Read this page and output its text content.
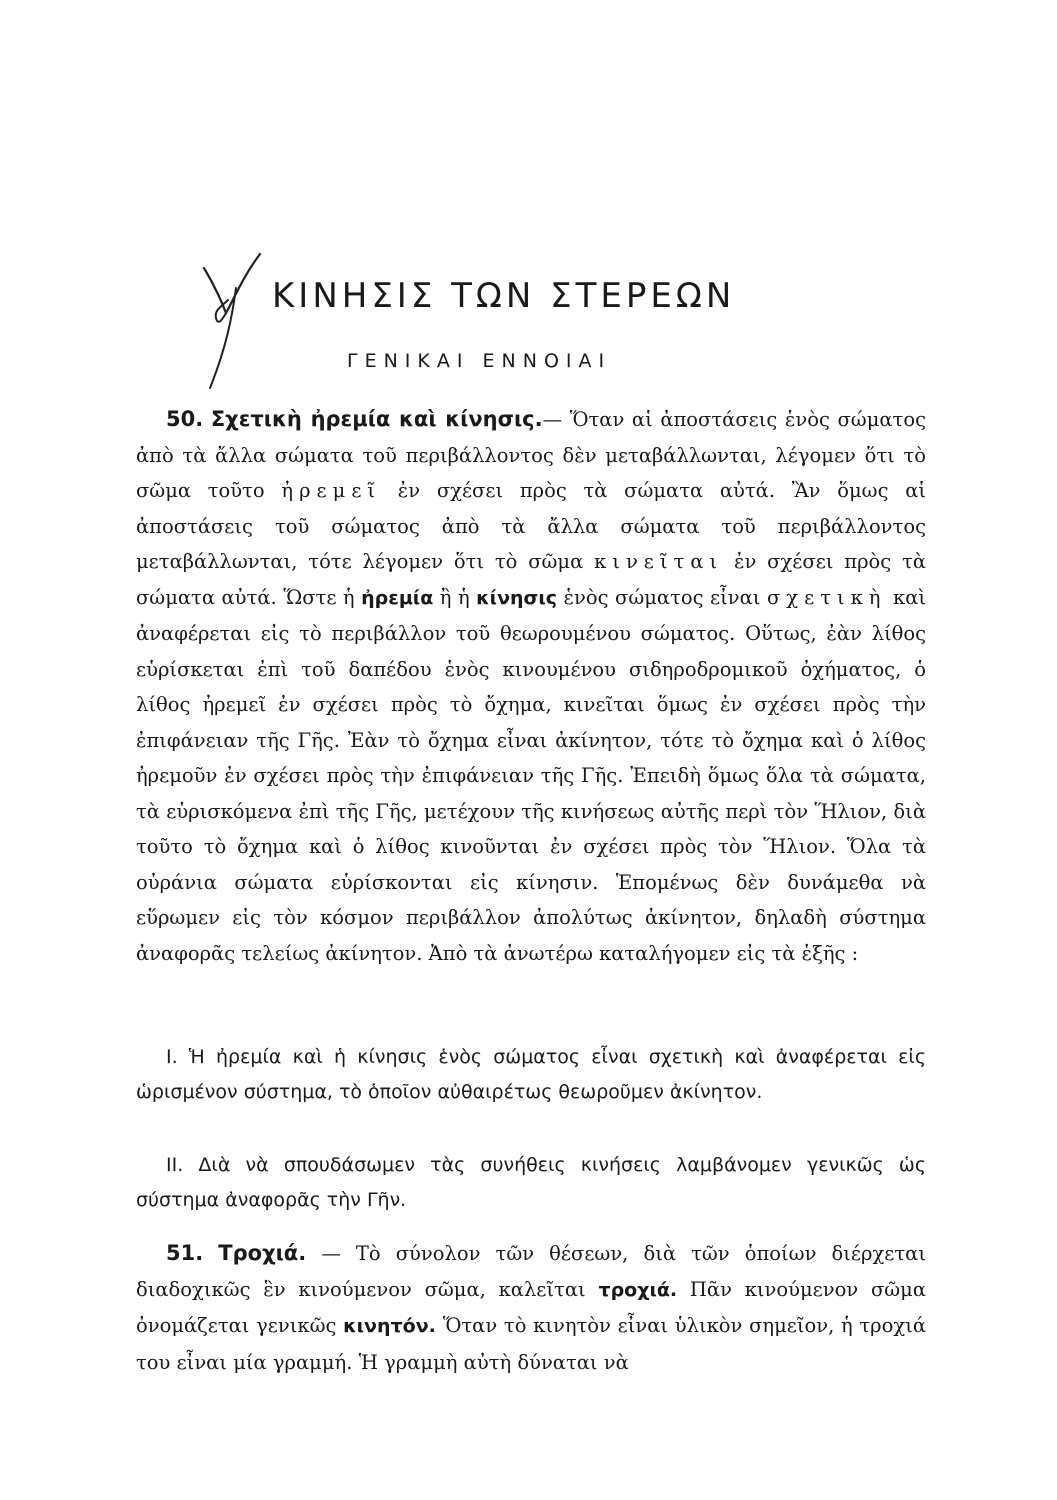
ΚΙΝΗΣΙΣ ΤΩΝ ΣΤΕΡΕΩΝ
ΓΕΝΙΚΑΙ ΕΝΝΟΙΑΙ

50. Σχετικὴ ἠρεμία καὶ κίνησις.— Ὅταν αἱ ἀποστάσεις ἑνὸς σώματος ἀπὸ τὰ ἄλλα σώματα τοῦ περιβάλλοντος δὲν μεταβάλλωνται, λέγομεν ὅτι τὸ σῶμα τοῦτο ἠρεμεῖ ἐν σχέσει πρὸς τὰ σώματα αὐτά. Ἂν ὅμως αἱ ἀποστάσεις τοῦ σώματος ἀπὸ τὰ ἄλλα σώματα τοῦ περιβάλλοντος μεταβάλλωνται, τότε λέγομεν ὅτι τὸ σῶμα κινεῖται ἐν σχέσει πρὸς τὰ σώματα αὐτά. Ὥστε ἡ ἠρεμία ἢ ἡ κίνησις ἑνὸς σώματος εἶναι σχετικὴ καὶ ἀναφέρεται εἰς τὸ περιβάλλον τοῦ θεωρουμένου σώματος. Οὕτως, ἐὰν λίθος εὑρίσκεται ἐπὶ τοῦ δαπέδου ἑνὸς κινουμένου σιδηροδρομικοῦ ὀχήματος, ὁ λίθος ἠρεμεῖ ἐν σχέσει πρὸς τὸ ὄχημα, κινεῖται ὅμως ἐν σχέσει πρὸς τὴν ἐπιφάνειαν τῆς Γῆς. Ἐὰν τὸ ὄχημα εἶναι ἀκίνητον, τότε τὸ ὄχημα καὶ ὁ λίθος ἠρεμοῦν ἐν σχέσει πρὸς τὴν ἐπιφάνειαν τῆς Γῆς. Ἐπειδὴ ὅμως ὅλα τὰ σώματα, τὰ εὑρισκόμενα ἐπὶ τῆς Γῆς, μετέχουν τῆς κινήσεως αὐτῆς περὶ τὸν Ἥλιον, διὰ τοῦτο τὸ ὄχημα καὶ ὁ λίθος κινοῦνται ἐν σχέσει πρὸς τὸν Ἥλιον. Ὅλα τὰ οὐράνια σώματα εὑρίσκονται εἰς κίνησιν. Ἑπομένως δὲν δυνάμεθα νὰ εὕρωμεν εἰς τὸν κόσμον περιβάλλον ἀπολύτως ἀκίνητον, δηλαδὴ σύστημα ἀναφορᾶς τελείως ἀκίνητον. Ἀπὸ τὰ ἀνωτέρω καταλήγομεν εἰς τὰ ἑξῆς :

Ι. Ἡ ἠρεμία καὶ ἡ κίνησις ἑνὸς σώματος εἶναι σχετικὴ καὶ ἀναφέρεται εἰς ὡρισμένον σύστημα, τὸ ὁποῖον αὐθαιρέτως θεωροῦμεν ἀκίνητον.

ΙΙ. Διὰ νὰ σπουδάσωμεν τὰς συνήθεις κινήσεις λαμβάνομεν γενικῶς ὡς σύστημα ἀναφορᾶς τὴν Γῆν.

51. Τροχιά. — Τὸ σύνολον τῶν θέσεων, διὰ τῶν ὁποίων διέρχεται διαδοχικῶς ἓν κινούμενον σῶμα, καλεῖται τροχιά. Πᾶν κινούμενον σῶμα ὀνομάζεται γενικῶς κινητόν. Ὅταν τὸ κινητὸν εἶναι ὑλικὸν σημεῖον, ἡ τροχιά του εἶναι μία γραμμή. Ἡ γραμμὴ αὐτὴ δύναται νὰ
